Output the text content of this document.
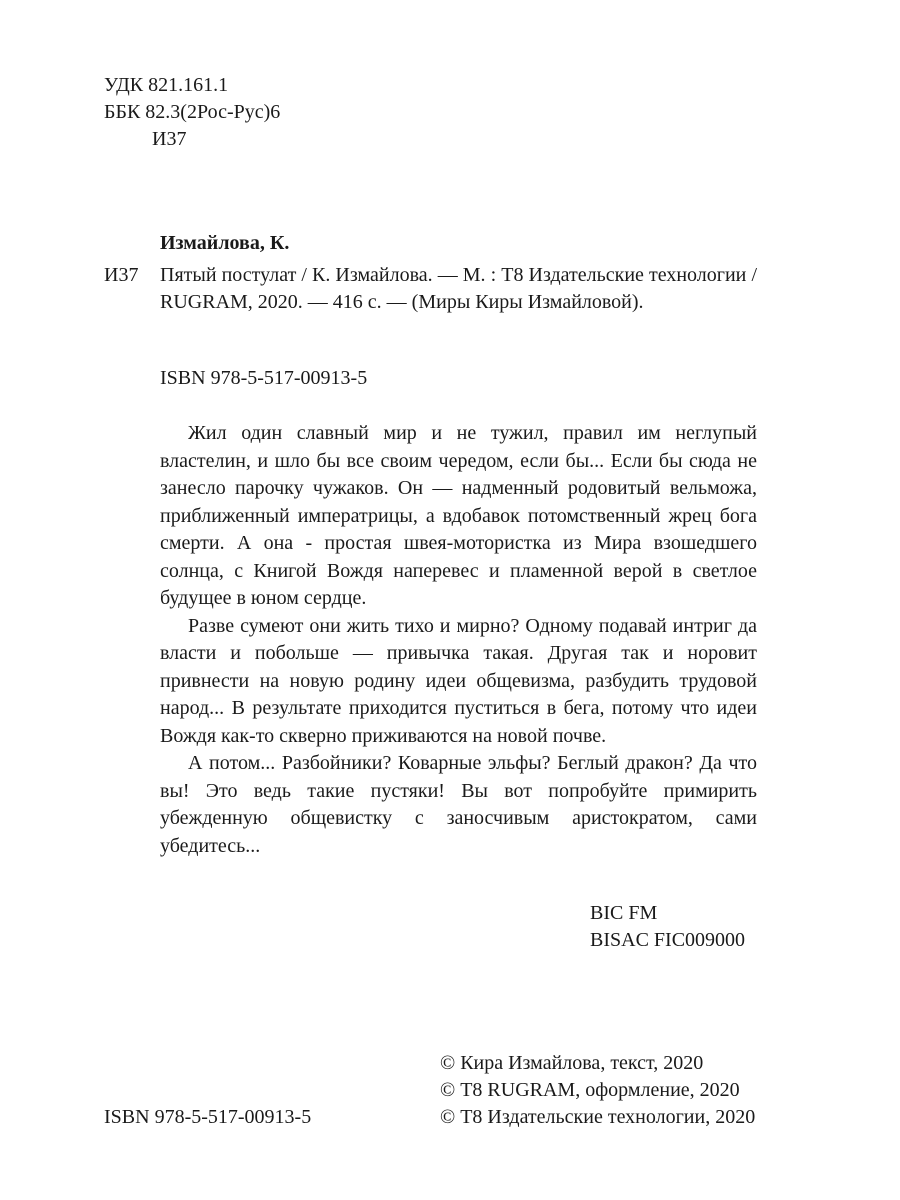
УДК 821.161.1
ББК 82.3(2Рос-Рус)6
И37
Измайлова, К.
И37 Пятый постулат / К. Измайлова. — М. : Т8 Издательские технологии / RUGRAM, 2020. — 416 с. — (Миры Киры Измайловой).
ISBN 978-5-517-00913-5

Жил один славный мир и не тужил, правил им неглупый властелин, и шло бы все своим чередом, если бы... Если бы сюда не занесло парочку чужаков. Он — надменный родовитый вельможа, приближенный императрицы, а вдобавок потомственный жрец бога смерти. А она - простая швея-мотористка из Мира взошедшего солнца, с Книгой Вождя наперевес и пламенной верой в светлое будущее в юном сердце.

Разве сумеют они жить тихо и мирно? Одному подавай интриг да власти и побольше — привычка такая. Другая так и норовит привнести на новую родину идеи общевизма, разбудить трудовой народ... В результате приходится пуститься в бега, потому что идеи Вождя как-то скверно приживаются на новой почве.

А потом... Разбойники? Коварные эльфы? Беглый дракон? Да что вы! Это ведь такие пустяки! Вы вот попробуйте примирить убежденную общевистку с заносчивым аристократом, сами убедитесь...

BIC FM
BISAC FIC009000
ISBN 978-5-517-00913-5
© Кира Измайлова, текст, 2020
© Т8 RUGRAM, оформление, 2020
© Т8 Издательские технологии, 2020
